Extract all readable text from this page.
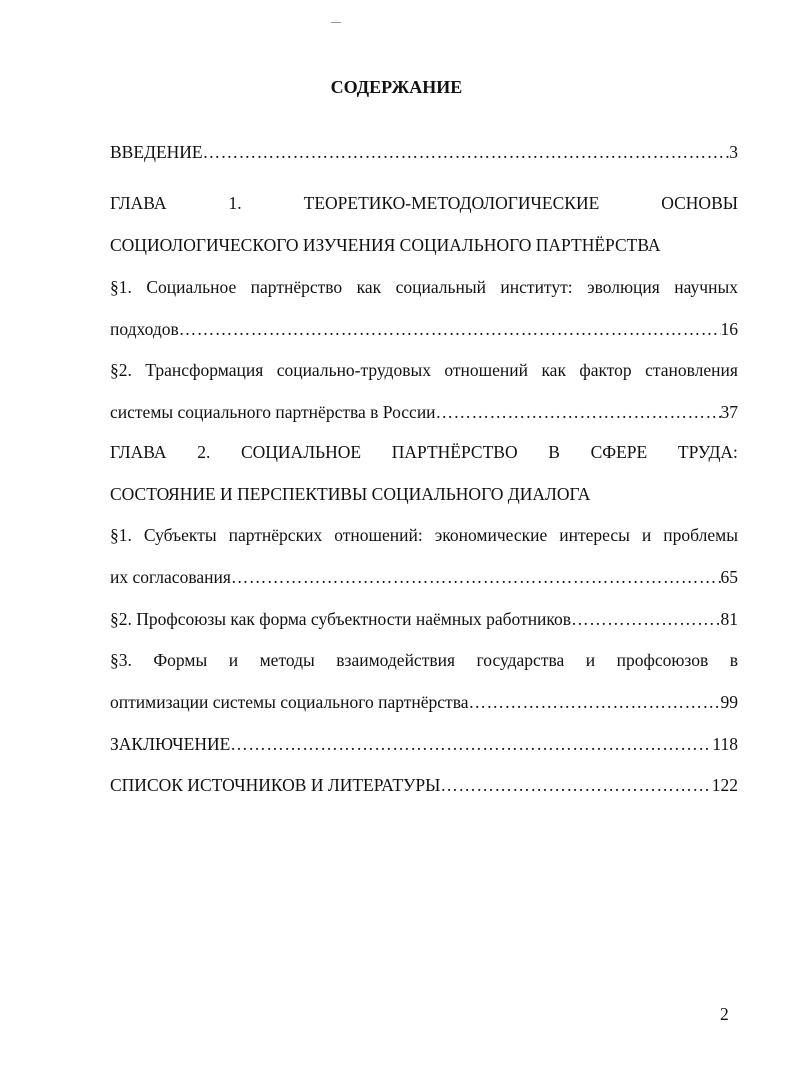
СОДЕРЖАНИЕ
ВВЕДЕНИЕ ……………………………………………………………………………………………………………………………………………………	3
ГЛАВА	1.	ТЕОРЕТИКО-МЕТОДОЛОГИЧЕСКИЕ	ОСНОВЫ
СОЦИОЛОГИЧЕСКОГО ИЗУЧЕНИЯ СОЦИАЛЬНОГО ПАРТНЁРСТВА
§1. Социальное партнёрство как социальный институт: эволюция научных
подходов ……………………………………………………………………………………………………………………………………………………	16
§2. Трансформация социально-трудовых отношений как фактор становления
системы социального партнёрства в России ……………………………………………………………………………………………………………………………………………………	37
ГЛАВА 2. СОЦИАЛЬНОЕ ПАРТНЁРСТВО В СФЕРЕ ТРУДА:
СОСТОЯНИЕ И ПЕРСПЕКТИВЫ СОЦИАЛЬНОГО ДИАЛОГА
§1. Субъекты партнёрских отношений: экономические интересы и проблемы
их согласования ……………………………………………………………………………………………………………………………………………………	65
§2. Профсоюзы как форма субъектности наёмных работников ……………………………………………………………………………………………………………………………………………………	81
§3. Формы и методы взаимодействия государства и профсоюзов в
оптимизации системы социального партнёрства ……………………………………………………………………………………………………………………………………………………	99
ЗАКЛЮЧЕНИЕ ……………………………………………………………………………………………………………………………………………………	118
СПИСОК ИСТОЧНИКОВ И ЛИТЕРАТУРЫ ……………………………………………………………………………………………………………………………………………………	122
2
